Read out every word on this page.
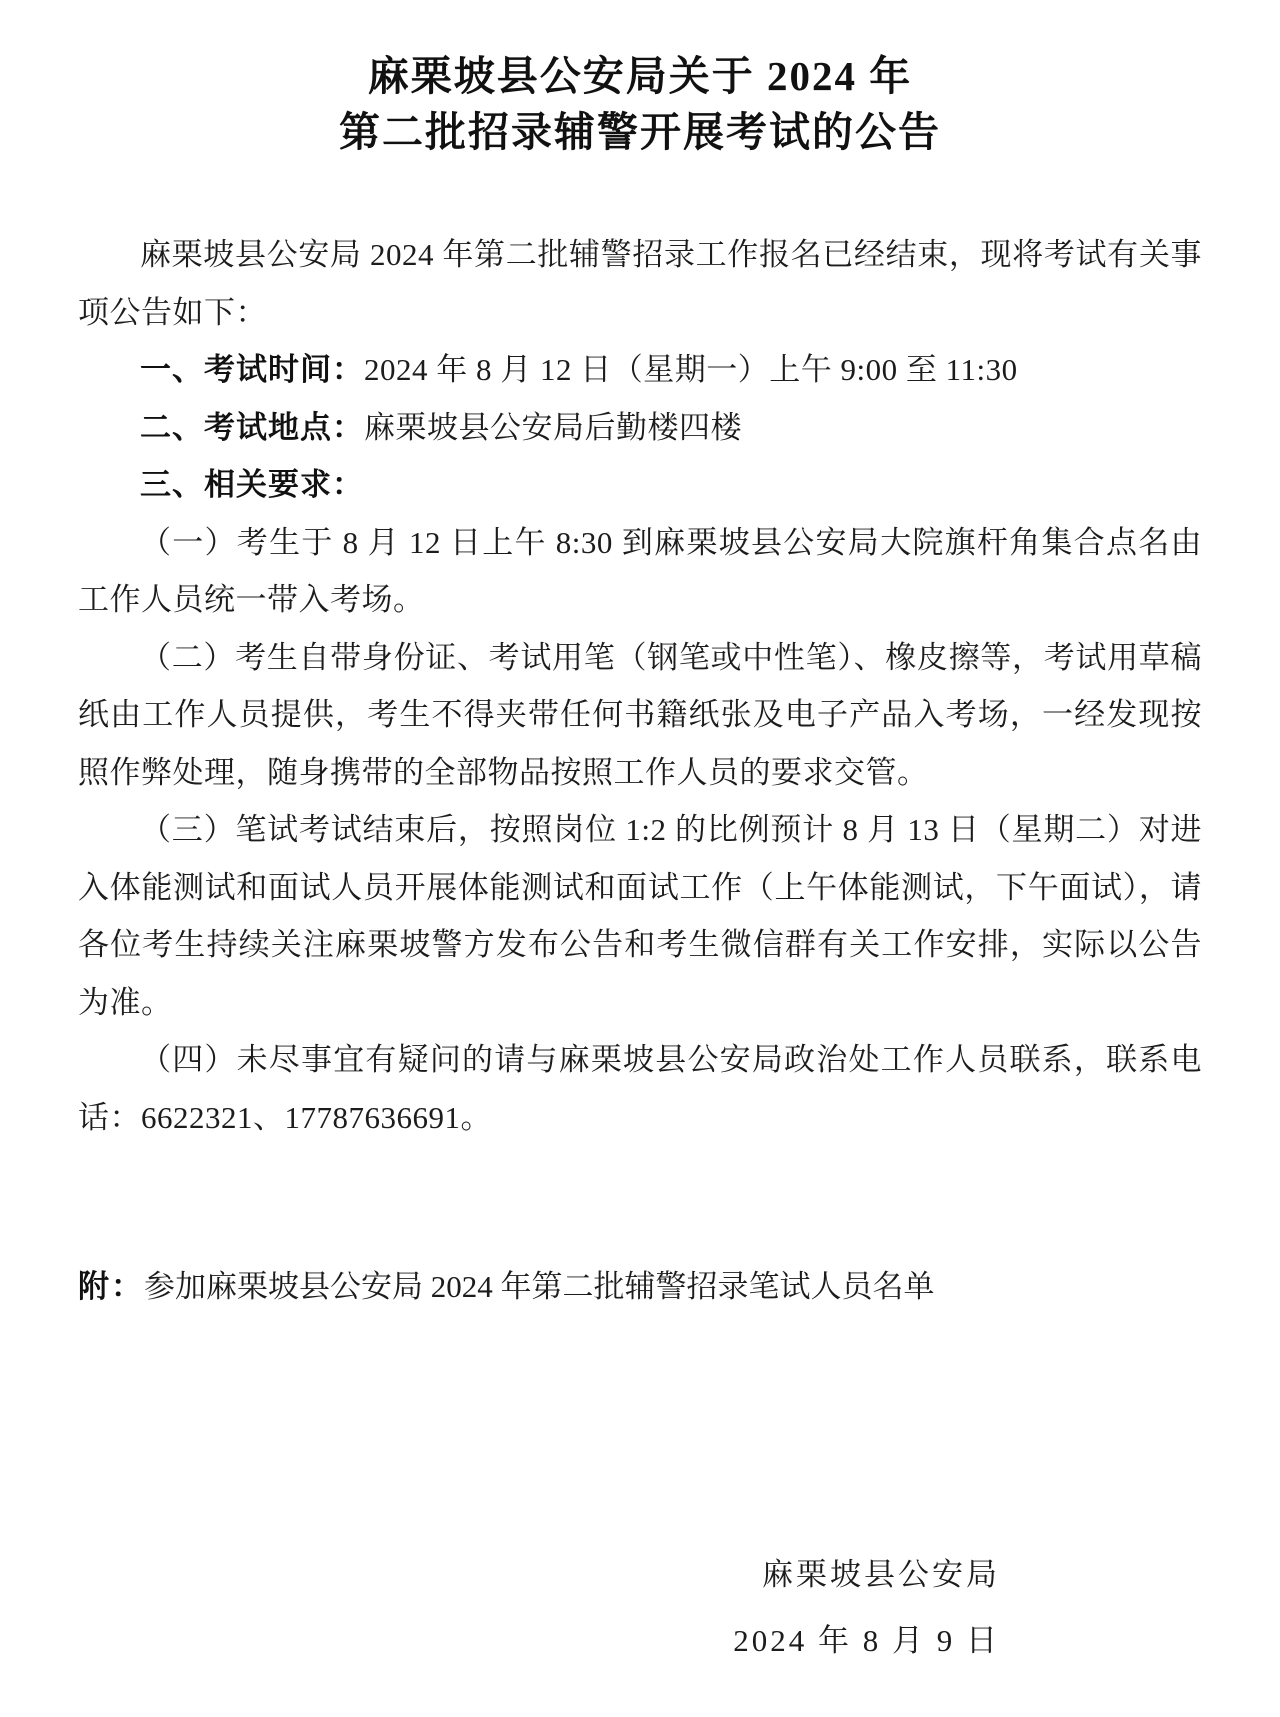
麻栗坡县公安局关于 2024 年
第二批招录辅警开展考试的公告

麻栗坡县公安局 2024 年第二批辅警招录工作报名已经结束，现将考试有关事项公告如下：

一、考试时间：2024 年 8 月 12 日（星期一）上午 9:00 至 11:30

二、考试地点：麻栗坡县公安局后勤楼四楼

三、相关要求：

（一）考生于 8 月 12 日上午 8:30 到麻栗坡县公安局大院旗杆角集合点名由工作人员统一带入考场。

（二）考生自带身份证、考试用笔（钢笔或中性笔）、橡皮擦等，考试用草稿纸由工作人员提供，考生不得夹带任何书籍纸张及电子产品入考场，一经发现按照作弊处理，随身携带的全部物品按照工作人员的要求交管。

（三）笔试考试结束后，按照岗位 1:2 的比例预计 8 月 13 日（星期二）对进入体能测试和面试人员开展体能测试和面试工作（上午体能测试，下午面试），请各位考生持续关注麻栗坡警方发布公告和考生微信群有关工作安排，实际以公告为准。

（四）未尽事宜有疑问的请与麻栗坡县公安局政治处工作人员联系，联系电话：6622321、17787636691。

附：参加麻栗坡县公安局 2024 年第二批辅警招录笔试人员名单

麻栗坡县公安局

2024 年 8 月 9 日
